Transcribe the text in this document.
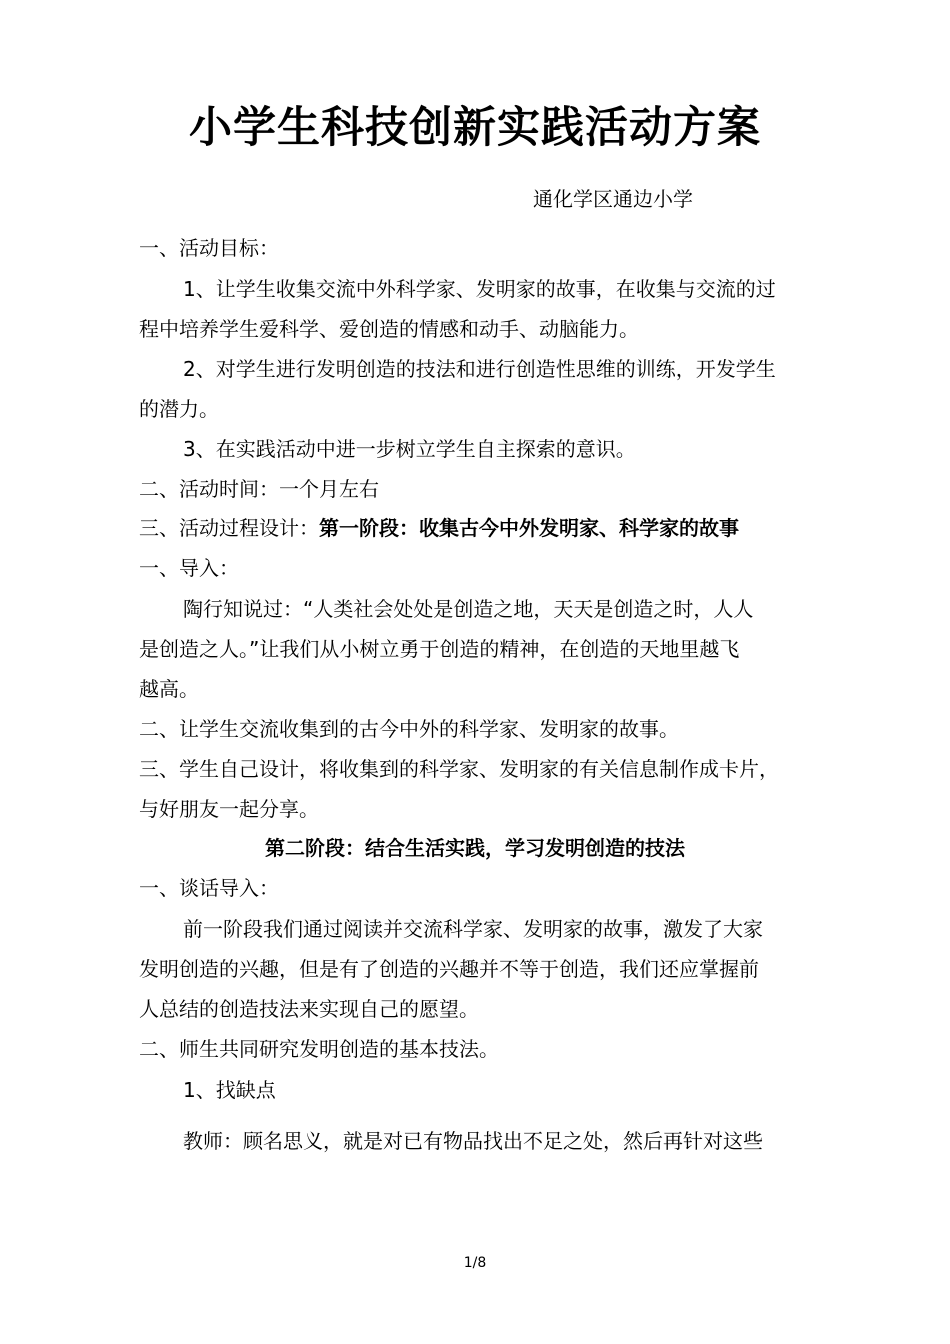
小学生科技创新实践活动方案
通化学区通边小学
一、活动目标：
1、让学生收集交流中外科学家、发明家的故事，在收集与交流的过
程中培养学生爱科学、爱创造的情感和动手、动脑能力。
2、对学生进行发明创造的技法和进行创造性思维的训练，开发学生
的潜力。
3、在实践活动中进一步树立学生自主探索的意识。
二、活动时间：一个月左右
三、活动过程设计：第一阶段：收集古今中外发明家、科学家的故事
一、导入：
陶行知说过：“人类社会处处是创造之地，天天是创造之时，人人
是创造之人。”让我们从小树立勇于创造的精神，在创造的天地里越飞
越高。
二、让学生交流收集到的古今中外的科学家、发明家的故事。
三、学生自己设计，将收集到的科学家、发明家的有关信息制作成卡片，
与好朋友一起分享。
第二阶段：结合生活实践，学习发明创造的技法
一、谈话导入：
前一阶段我们通过阅读并交流科学家、发明家的故事，激发了大家
发明创造的兴趣，但是有了创造的兴趣并不等于创造，我们还应掌握前
人总结的创造技法来实现自己的愿望。
二、师生共同研究发明创造的基本技法。
1、找缺点
教师：顾名思义，就是对已有物品找出不足之处，然后再针对这些
1/8
